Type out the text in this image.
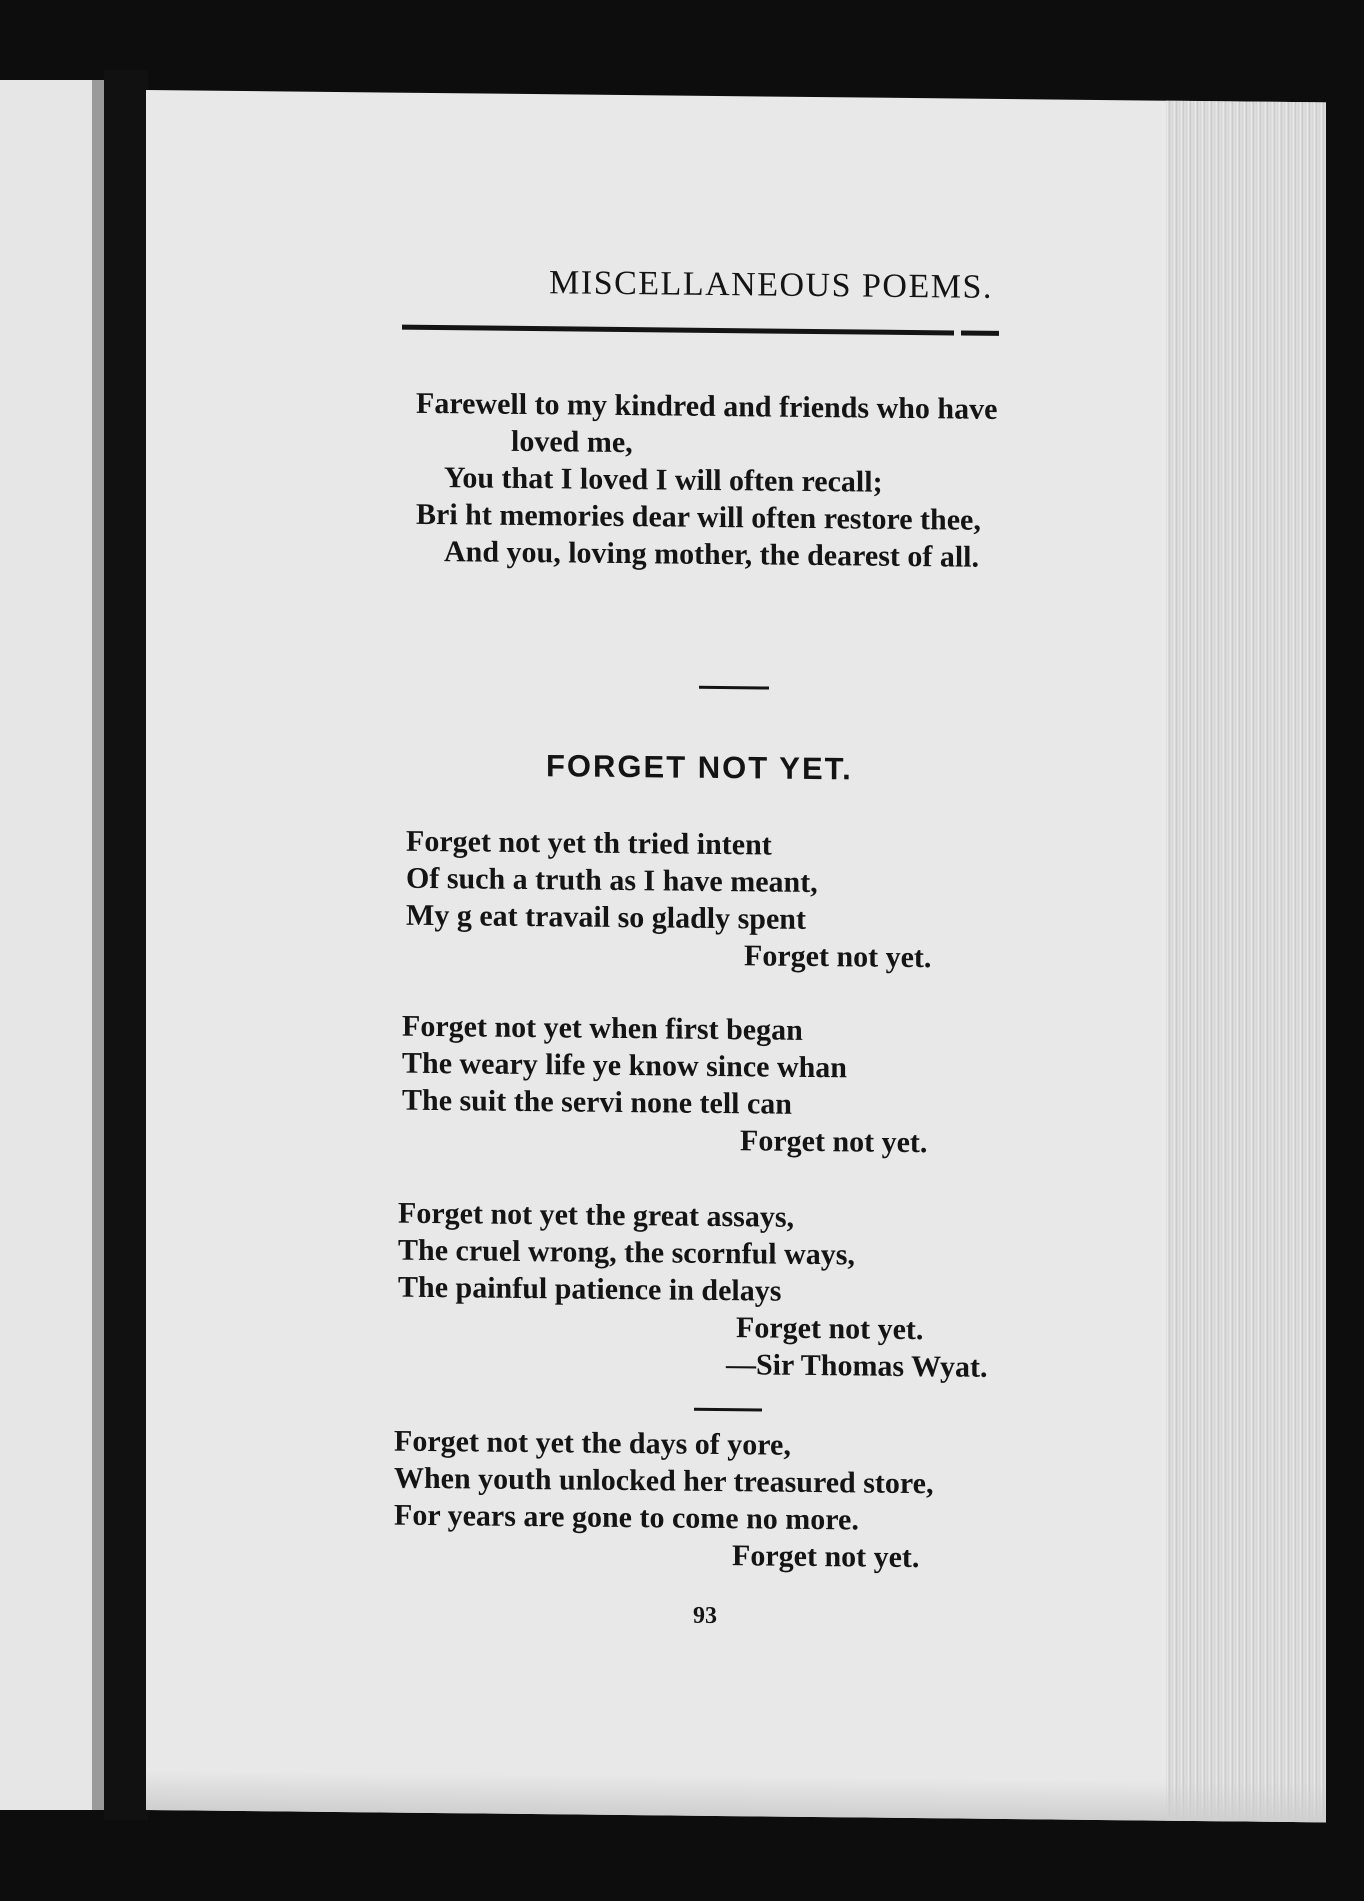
MISCELLANEOUS POEMS.
Farewell to my kindred and friends who have
loved me,
You that I loved I will often recall;
Bri ht memories dear will often restore thee,
And you, loving mother, the dearest of all.
FORGET NOT YET.
Forget not yet th tried intent
Of such a truth as I have meant,
My g eat travail so gladly spent
Forget not yet.
Forget not yet when first began
The weary life ye know since whan
The suit the servi none tell can
Forget not yet.
Forget not yet the great assays,
The cruel wrong, the scornful ways,
The painful patience in delays
Forget not yet.
—Sir Thomas Wyat.
Forget not yet the days of yore,
When youth unlocked her treasured store,
For years are gone to come no more.
Forget not yet.
93
